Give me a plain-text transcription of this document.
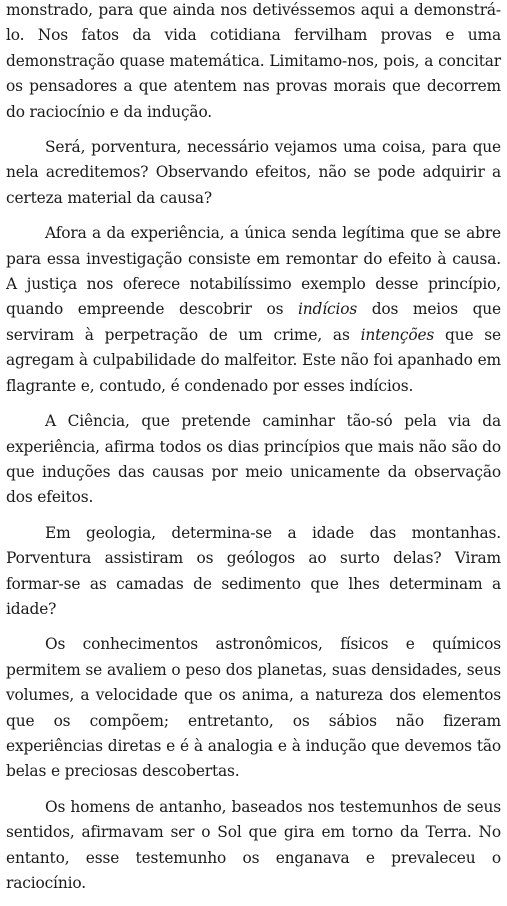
monstrado, para que ainda nos detivéssemos aqui a demonstrá-lo. Nos fatos da vida cotidiana fervilham provas e uma demonstração quase matemática. Limitamo-nos, pois, a concitar os pensadores a que atentem nas provas morais que decorrem do raciocínio e da indução.

Será, porventura, necessário vejamos uma coisa, para que nela acreditemos? Observando efeitos, não se pode adquirir a certeza material da causa?

Afora a da experiência, a única senda legítima que se abre para essa investigação consiste em remontar do efeito à causa. A justiça nos oferece notabilíssimo exemplo desse princípio, quando empreende descobrir os indícios dos meios que serviram à perpetração de um crime, as intenções que se agregam à culpabilidade do malfeitor. Este não foi apanhado em flagrante e, contudo, é condenado por esses indícios.

A Ciência, que pretende caminhar tão-só pela via da experiência, afirma todos os dias princípios que mais não são do que induções das causas por meio unicamente da observação dos efeitos.

Em geologia, determina-se a idade das montanhas. Porventura assistiram os geólogos ao surto delas? Viram formar-se as camadas de sedimento que lhes determinam a idade?

Os conhecimentos astronômicos, físicos e químicos permitem se avaliem o peso dos planetas, suas densidades, seus volumes, a velocidade que os anima, a natureza dos elementos que os compõem; entretanto, os sábios não fizeram experiências diretas e é à analogia e à indução que devemos tão belas e preciosas descobertas.

Os homens de antanho, baseados nos testemunhos de seus sentidos, afirmavam ser o Sol que gira em torno da Terra. No entanto, esse testemunho os enganava e prevaleceu o raciocínio.
